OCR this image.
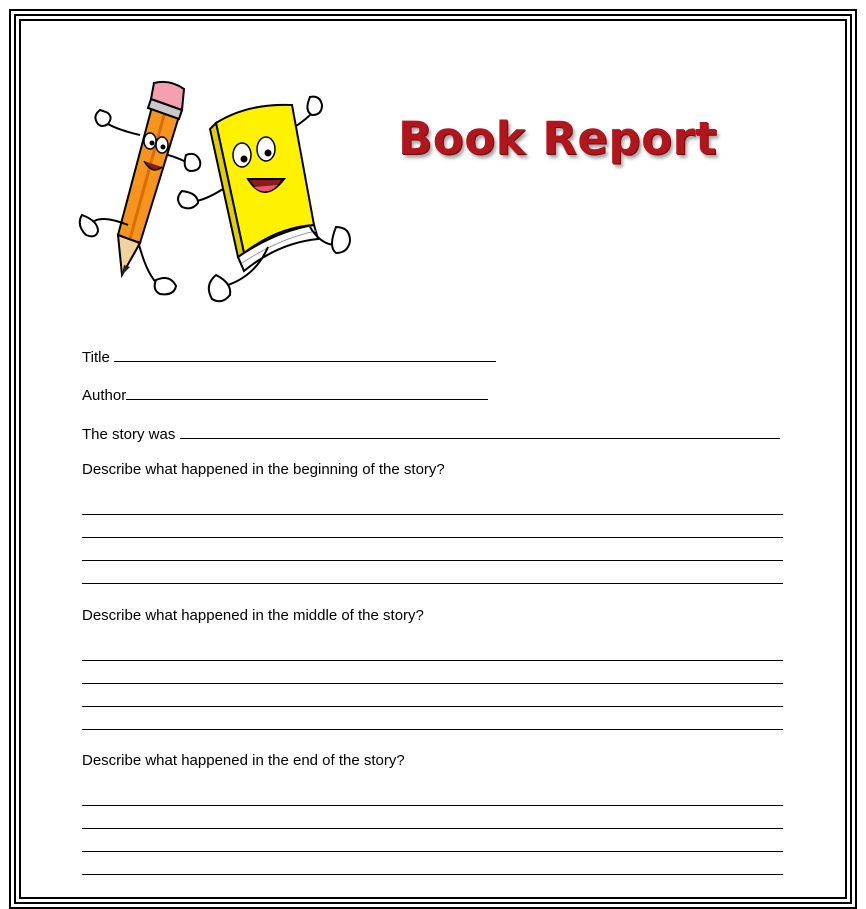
Book Report
Title
Author
The story was
Describe what happened in the beginning of the story?
Describe what happened in the middle of the story?
Describe what happened in the end of the story?
